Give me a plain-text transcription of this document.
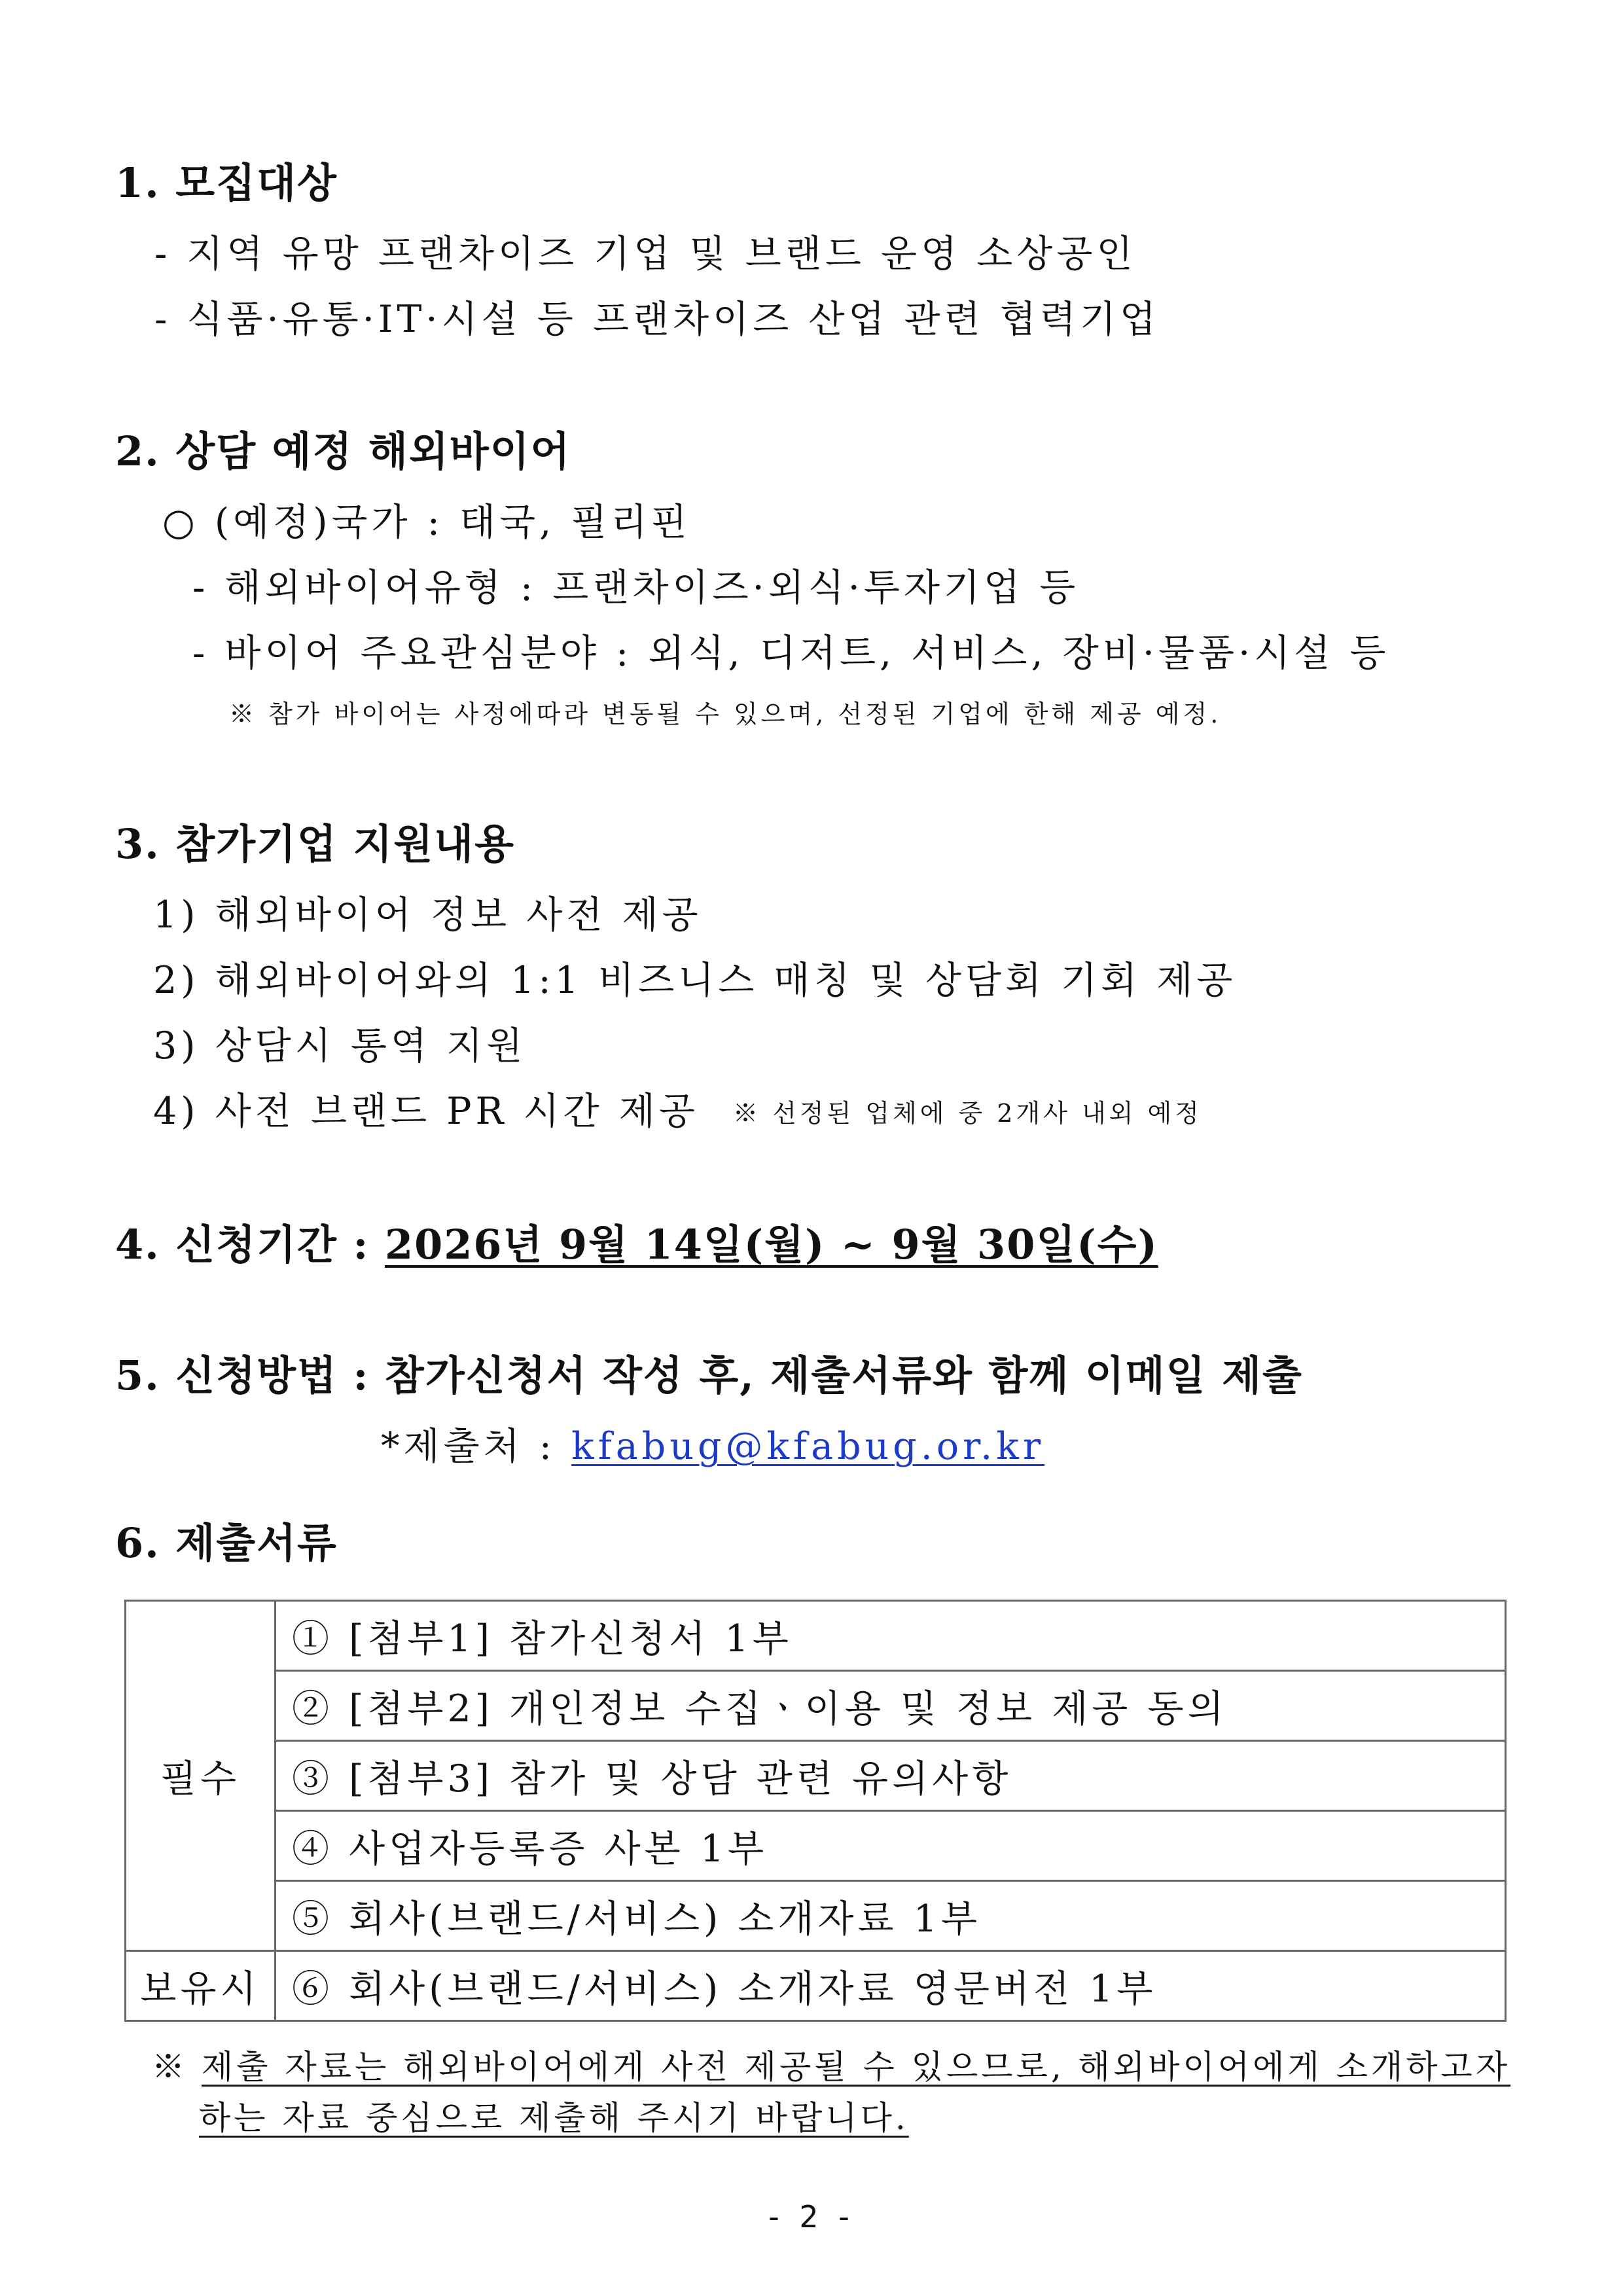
1. 모집대상
- 지역 유망 프랜차이즈 기업 및 브랜드 운영 소상공인
- 식품·유통·IT·시설 등 프랜차이즈 산업 관련 협력기업
2. 상담 예정 해외바이어
○ (예정)국가 : 태국, 필리핀
- 해외바이어유형 : 프랜차이즈·외식·투자기업 등
- 바이어 주요관심분야 : 외식, 디저트, 서비스, 장비·물품·시설 등
※ 참가 바이어는 사정에따라 변동될 수 있으며, 선정된 기업에 한해 제공 예정.
3. 참가기업 지원내용
1) 해외바이어 정보 사전 제공
2) 해외바이어와의 1:1 비즈니스 매칭 및 상담회 기회 제공
3) 상담시 통역 지원
4) 사전 브랜드 PR 시간 제공 ※ 선정된 업체에 중 2개사 내외 예정
4. 신청기간 : 2026년 9월 14일(월) ~ 9월 30일(수)
5. 신청방법 : 참가신청서 작성 후, 제출서류와 함께 이메일 제출
*제출처 : kfabug@kfabug.or.kr
6. 제출서류
필수	① [첨부1] 참가신청서 1부
	② [첨부2] 개인정보 수집ㆍ이용 및 정보 제공 동의
	③ [첨부3] 참가 및 상담 관련 유의사항
	④ 사업자등록증 사본 1부
	⑤ 회사(브랜드/서비스) 소개자료 1부
보유시	⑥ 회사(브랜드/서비스) 소개자료 영문버전 1부
※ 제출 자료는 해외바이어에게 사전 제공될 수 있으므로, 해외바이어에게 소개하고자
하는 자료 중심으로 제출해 주시기 바랍니다.
- 2 -
